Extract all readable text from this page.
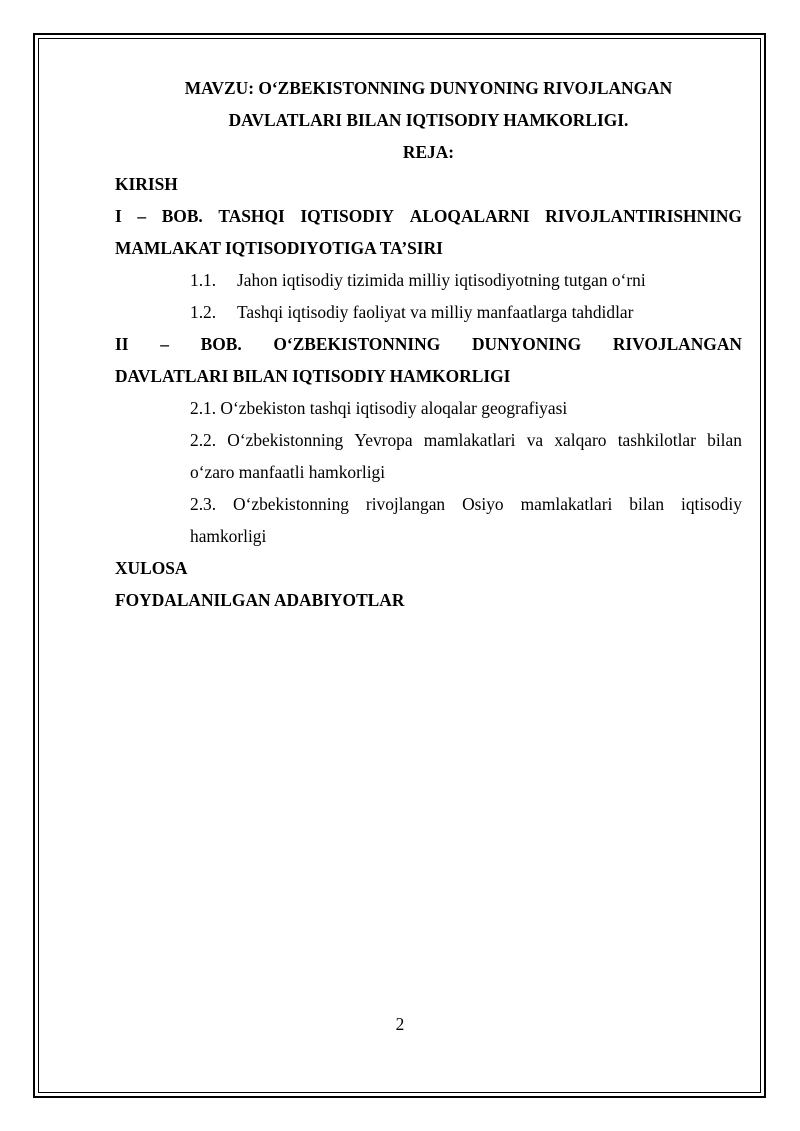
MAVZU: O‘ZBEKISTONNING DUNYONING RIVOJLANGAN
DAVLATLARI BILAN IQTISODIY HAMKORLIGI.
REJA:
KIRISH
I – BOB. TASHQI IQTISODIY ALOQALARNI RIVOJLANTIRISHNING
MAMLAKAT IQTISODIYOTIGA TA’SIRI
1.1.	Jahon iqtisodiy tizimida milliy iqtisodiyotning tutgan o‘rni
1.2.	Tashqi iqtisodiy faoliyat va milliy manfaatlarga tahdidlar
II – BOB. O‘ZBEKISTONNING DUNYONING RIVOJLANGAN
DAVLATLARI BILAN IQTISODIY HAMKORLIGI
2.1. O‘zbekiston tashqi iqtisodiy aloqalar geografiyasi
2.2. O‘zbekistonning Yevropa mamlakatlari va xalqaro tashkilotlar bilan
o‘zaro manfaatli hamkorligi
2.3. O‘zbekistonning rivojlangan Osiyo mamlakatlari bilan iqtisodiy
hamkorligi
XULOSA
FOYDALANILGAN ADABIYOTLAR
2
